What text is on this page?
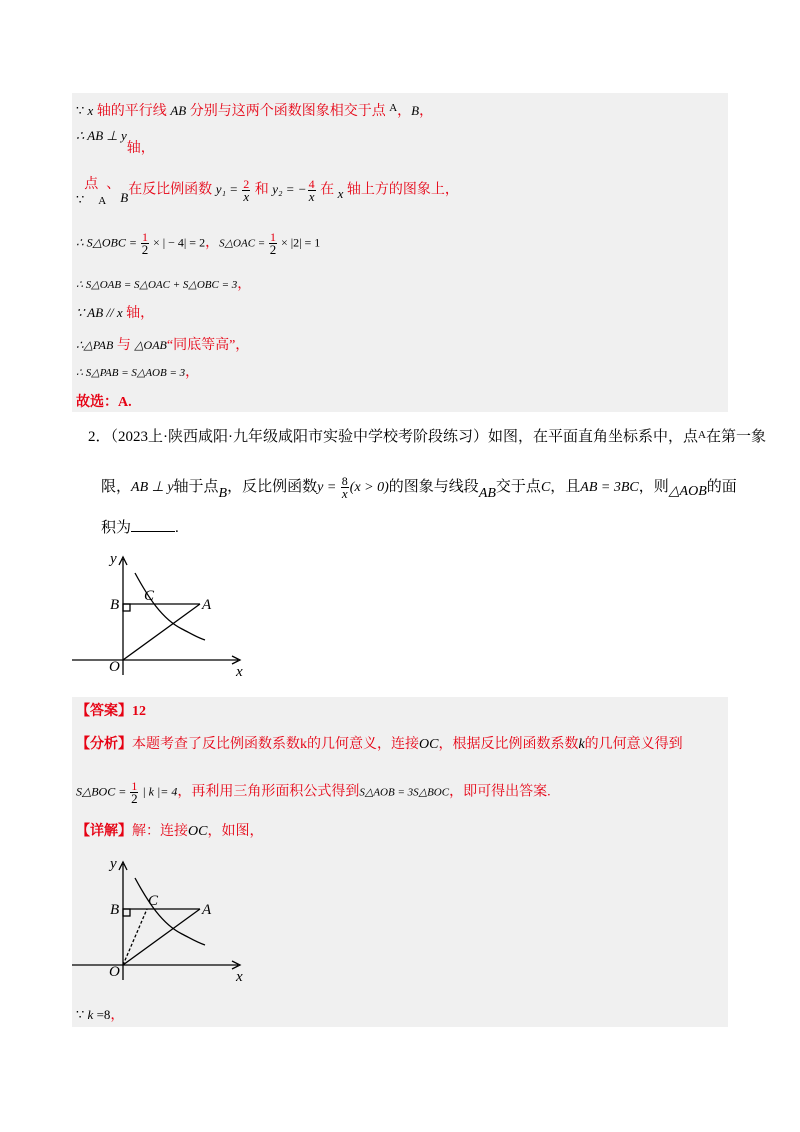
∵ x 轴的平行线 AB 分别与这两个函数图象相交于点 $^A$，B，
∴ AB ⊥ y轴，
∵点$_A$、B在反比例函数 $y_1 = \frac{2}{x}$ 和 y₂ = − $\frac{4}{x}$ 在 x 轴上方的图象上，
∴ S△OBC = $\frac{1}{2}$ × | − 4| = 2，S△OAC = $\frac{1}{2} \times |2| = 1$
∴ S△OAB = S△OAC + S△OBC = 3，
∵ AB // x 轴，
∴△PAB 与 △OAB“同底等高”，
∴ S△PAB = S△AOB = 3，
故选：A.
2．（2023上·陕西咸阳·九年级咸阳市实验中学校考阶段练习）如图，在平面直角坐标系中，点$^A$在第一象
限，AB ⊥ y轴于点B，反比例函数$y = \frac{8}{x} (x > 0)$的图象与线段AB交于点C，且AB = 3BC，则△AOB的面
积为	.
y
x
O
B
C
A
【答案】12
【分析】本题考查了反比例函数系数k的几何意义，连接OC，根据反比例函数系数k的几何意义得到
S△BOC = $\frac{1}{2}$ | k |= 4，再利用三角形面积公式得到S△AOB = 3S△BOC，即可得出答案.
【详解】解：连接OC，如图，
y
x
O
B
C
A
∵ k =8，
